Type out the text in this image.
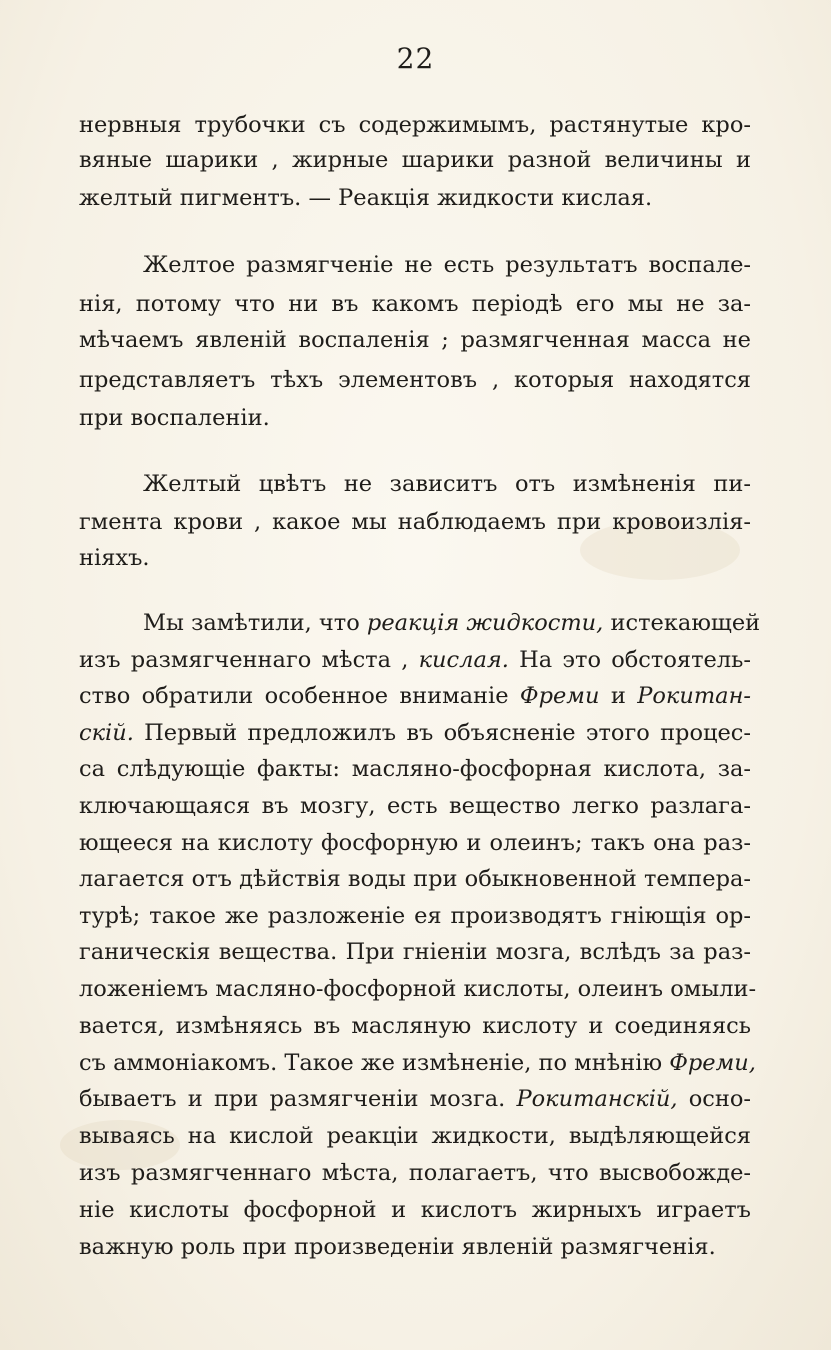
22
нервныя трубочки съ содержимымъ, растянутые кро-
вяные шарики , жирные шарики разной величины и
желтый пигментъ. — Реакція жидкости кислая.
Желтое размягченіе не есть результатъ воспале-
нія, потому что ни въ какомъ періодѣ его мы не за-
мѣчаемъ явленій воспаленія ; размягченная масса не
представляетъ тѣхъ элементовъ , которыя находятся
при воспаленіи.
Желтый цвѣтъ не зависитъ отъ измѣненія пи-
гмента крови , какое мы наблюдаемъ при кровоизлія-
ніяхъ.
Мы замѣтили, что реакція жидкости, истекающей
изъ размягченнаго мѣста , кислая. На это обстоятель-
ство обратили особенное вниманіе Фреми и Рокитан-
скій. Первый предложилъ въ объясненіе этого процес-
са слѣдующіе факты: масляно-фосфорная кислота, за-
ключающаяся въ мозгу, есть вещество легко разлага-
ющееся на кислоту фосфорную и олеинъ; такъ она раз-
лагается отъ дѣйствія воды при обыкновенной темпера-
турѣ; такое же разложеніе ея производятъ гніющія ор-
ганическія вещества. При гніеніи мозга, вслѣдъ за раз-
ложеніемъ масляно-фосфорной кислоты, олеинъ омыли-
вается, измѣняясь въ масляную кислоту и соединяясь
съ аммоніакомъ. Такое же измѣненіе, по мнѣнію Фреми,
бываетъ и при размягченіи мозга. Рокитанскій, осно-
вываясь на кислой реакціи жидкости, выдѣляющейся
изъ размягченнаго мѣста, полагаетъ, что высвобожде-
ніе кислоты фосфорной и кислотъ жирныхъ играетъ
важную роль при произведеніи явленій размягченія.
